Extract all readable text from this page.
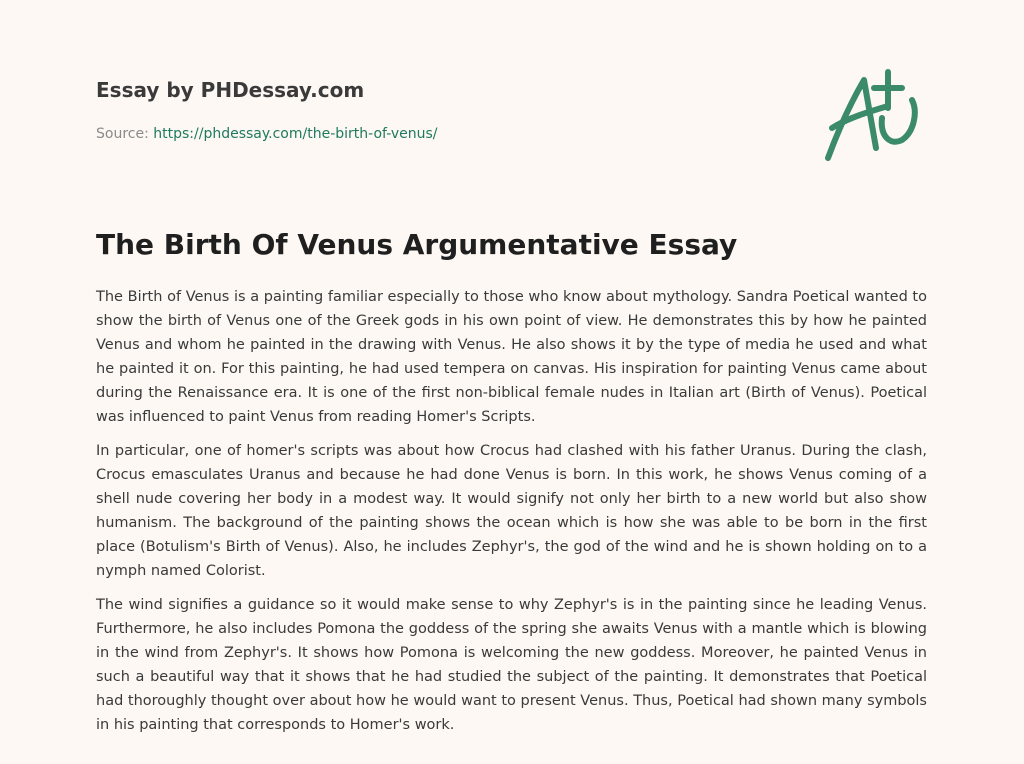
Essay by PHDessay.com
Source: https://phdessay.com/the-birth-of-venus/
The Birth Of Venus Argumentative Essay

The Birth of Venus is a painting familiar especially to those who know about mythology. Sandra Poetical wanted to show the birth of Venus one of the Greek gods in his own point of view. He demonstrates this by how he painted Venus and whom he painted in the drawing with Venus. He also shows it by the type of media he used and what he painted it on. For this painting, he had used tempera on canvas. His inspiration for painting Venus came about during the Renaissance era. It is one of the first non-biblical female nudes in Italian art (Birth of Venus). Poetical was influenced to paint Venus from reading Homer's Scripts.

In particular, one of homer's scripts was about how Crocus had clashed with his father Uranus. During the clash, Crocus emasculates Uranus and because he had done Venus is born. In this work, he shows Venus coming of a shell nude covering her body in a modest way. It would signify not only her birth to a new world but also show humanism. The background of the painting shows the ocean which is how she was able to be born in the first place (Botulism's Birth of Venus). Also, he includes Zephyr's, the god of the wind and he is shown holding on to a nymph named Colorist.

The wind signifies a guidance so it would make sense to why Zephyr's is in the painting since he leading Venus. Furthermore, he also includes Pomona the goddess of the spring she awaits Venus with a mantle which is blowing in the wind from Zephyr's. It shows how Pomona is welcoming the new goddess. Moreover, he painted Venus in such a beautiful way that it shows that he had studied the subject of the painting. It demonstrates that Poetical had thoroughly thought over about how he would want to present Venus. Thus, Poetical had shown many symbols in his painting that corresponds to Homer's work.
